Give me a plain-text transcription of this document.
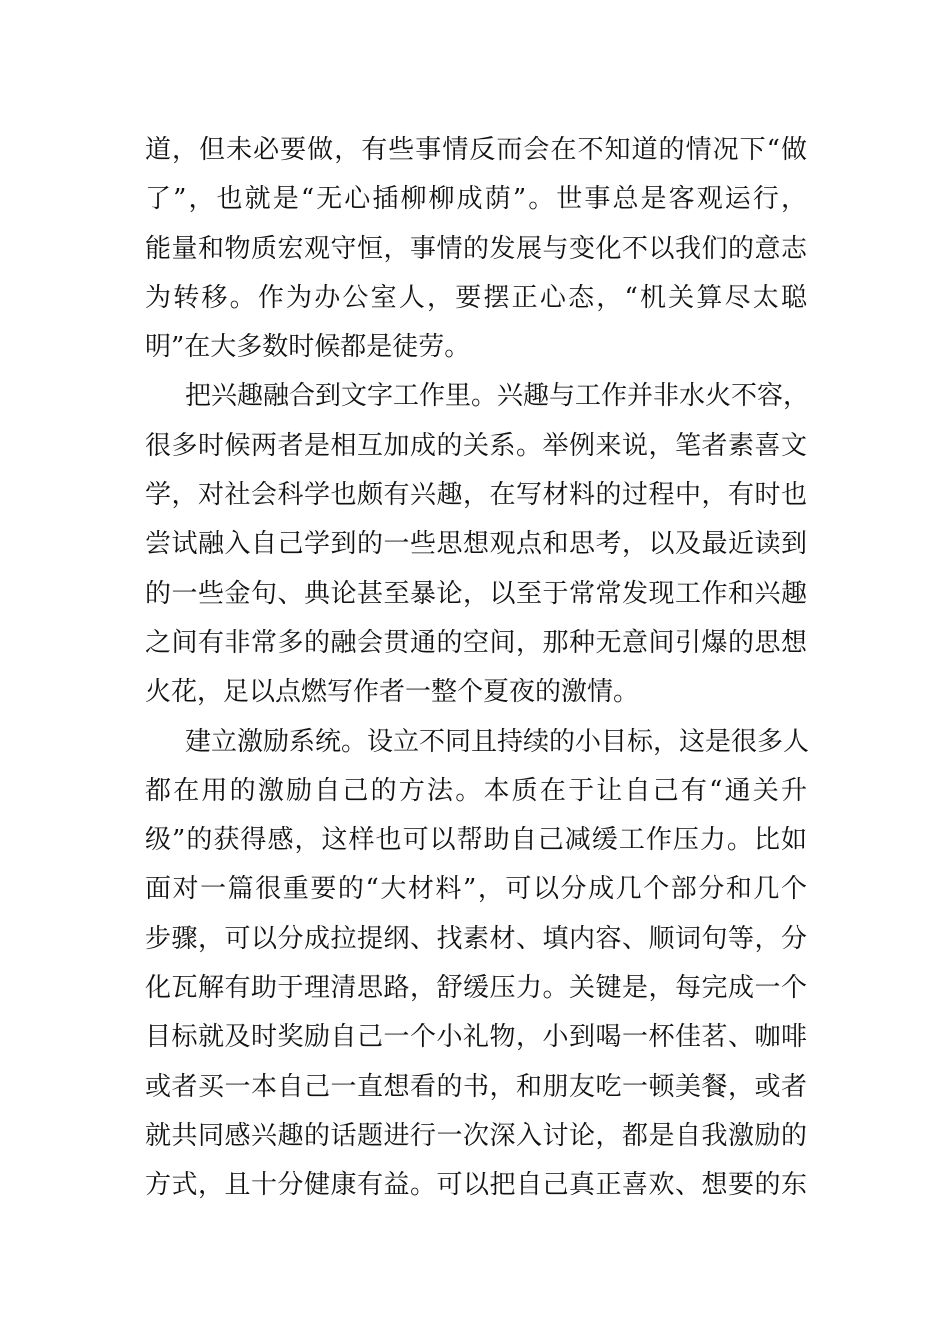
道，但未必要做，有些事情反而会在不知道的情况下“做
了”，也就是“无心插柳柳成荫”。世事总是客观运行，
能量和物质宏观守恒，事情的发展与变化不以我们的意志
为转移。作为办公室人，要摆正心态，“机关算尽太聪
明”在大多数时候都是徒劳。
把兴趣融合到文字工作里。兴趣与工作并非水火不容，
很多时候两者是相互加成的关系。举例来说，笔者素喜文
学，对社会科学也颇有兴趣，在写材料的过程中，有时也
尝试融入自己学到的一些思想观点和思考，以及最近读到
的一些金句、典论甚至暴论，以至于常常发现工作和兴趣
之间有非常多的融会贯通的空间，那种无意间引爆的思想
火花，足以点燃写作者一整个夏夜的激情。
建立激励系统。设立不同且持续的小目标，这是很多人
都在用的激励自己的方法。本质在于让自己有“通关升
级”的获得感，这样也可以帮助自己减缓工作压力。比如
面对一篇很重要的“大材料”，可以分成几个部分和几个
步骤，可以分成拉提纲、找素材、填内容、顺词句等，分
化瓦解有助于理清思路，舒缓压力。关键是，每完成一个
目标就及时奖励自己一个小礼物，小到喝一杯佳茗、咖啡
或者买一本自己一直想看的书，和朋友吃一顿美餐，或者
就共同感兴趣的话题进行一次深入讨论，都是自我激励的
方式，且十分健康有益。可以把自己真正喜欢、想要的东
